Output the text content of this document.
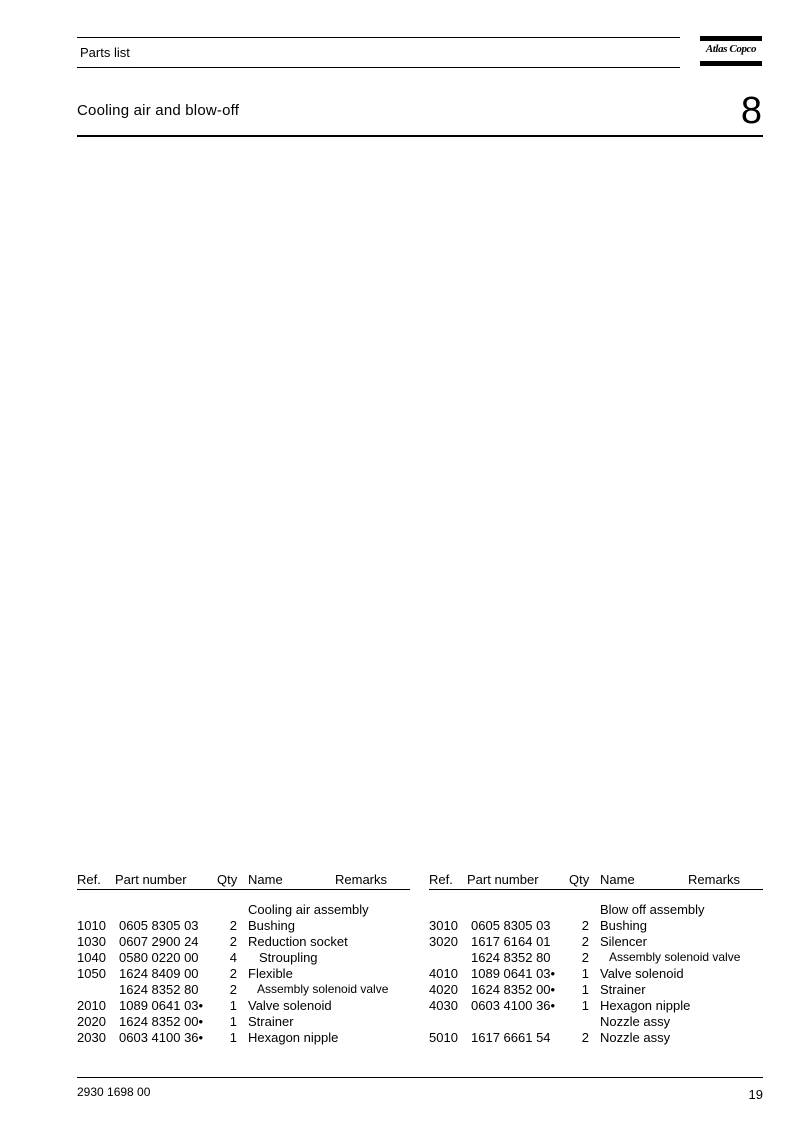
Parts list	Atlas Copco
Cooling air and blow-off	8
Ref. Part number Qty Name	Remarks
Cooling air assembly
1010 0605 8305 03	2 Bushing
1030 0607 2900 24	2 Reduction socket
1040 0580 0220 00	4 Stroupling
1050 1624 8409 00	2 Flexible
1624 8352 80	2 Assembly solenoid valve
2010 1089 0641 03•	1 Valve solenoid
2020 1624 8352 00•	1 Strainer
2030 0603 4100 36•	1 Hexagon nipple
Ref. Part number Qty Name	Remarks
Blow off assembly
3010 0605 8305 03	2 Bushing
3020 1617 6164 01	2 Silencer
1624 8352 80	2 Assembly solenoid valve
4010 1089 0641 03•	1 Valve solenoid
4020 1624 8352 00•	1 Strainer
4030 0603 4100 36•	1 Hexagon nipple
Nozzle assy
5010 1617 6661 54	2 Nozzle assy
2930 1698 00	19
